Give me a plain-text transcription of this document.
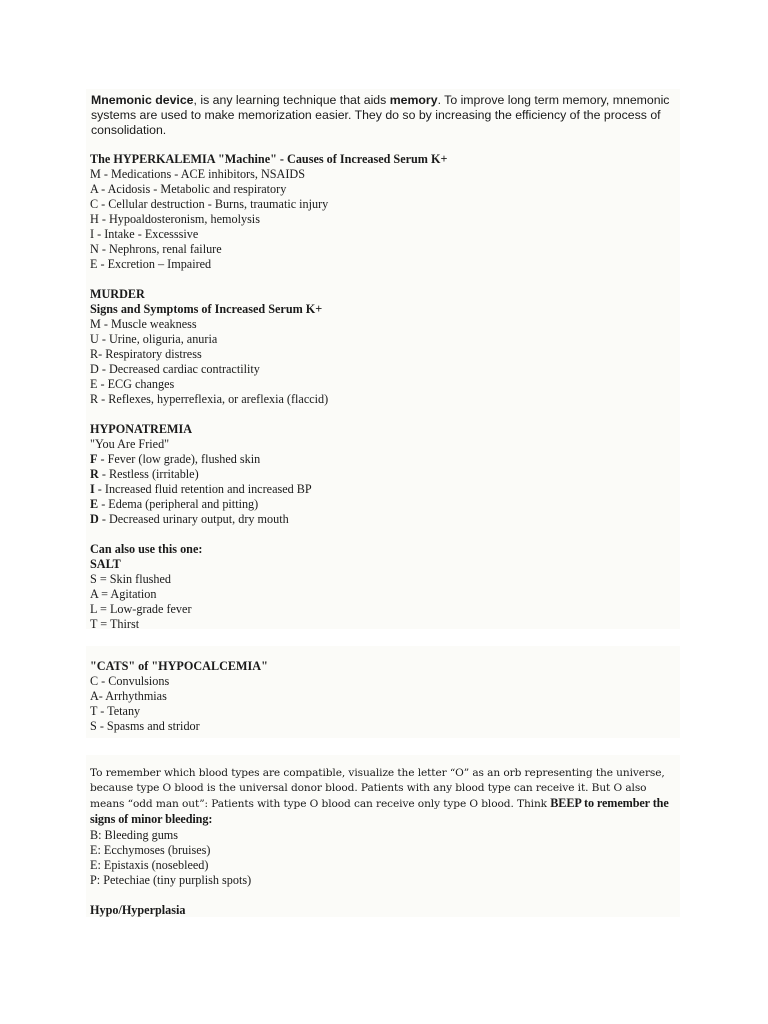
Mnemonic device, is any learning technique that aids memory. To improve long term memory, mnemonic systems are used to make memorization easier. They do so by increasing the efficiency of the process of consolidation.
The HYPERKALEMIA "Machine" - Causes of Increased Serum K+
M - Medications - ACE inhibitors, NSAIDS
A - Acidosis - Metabolic and respiratory
C - Cellular destruction - Burns, traumatic injury
H - Hypoaldosteronism, hemolysis
I - Intake - Excesssive
N - Nephrons, renal failure
E - Excretion – Impaired
MURDER
Signs and Symptoms of Increased Serum K+
M - Muscle weakness
U - Urine, oliguria, anuria
R- Respiratory distress
D - Decreased cardiac contractility
E - ECG changes
R - Reflexes, hyperreflexia, or areflexia (flaccid)
HYPONATREMIA
"You Are Fried"
F - Fever (low grade), flushed skin
R - Restless (irritable)
I - Increased fluid retention and increased BP
E - Edema (peripheral and pitting)
D - Decreased urinary output, dry mouth
Can also use this one:
SALT
S = Skin flushed
A = Agitation
L = Low-grade fever
T = Thirst
"CATS" of "HYPOCALCEMIA"
C - Convulsions
A- Arrhythmias
T - Tetany
S - Spasms and stridor
To remember which blood types are compatible, visualize the letter “O” as an orb representing the universe, because type O blood is the universal donor blood. Patients with any blood type can receive it. But O also means “odd man out”: Patients with type O blood can receive only type O blood. Think BEEP to remember the signs of minor bleeding:
B: Bleeding gums
E: Ecchymoses (bruises)
E: Epistaxis (nosebleed)
P: Petechiae (tiny purplish spots)
Hypo/Hyperplasia
